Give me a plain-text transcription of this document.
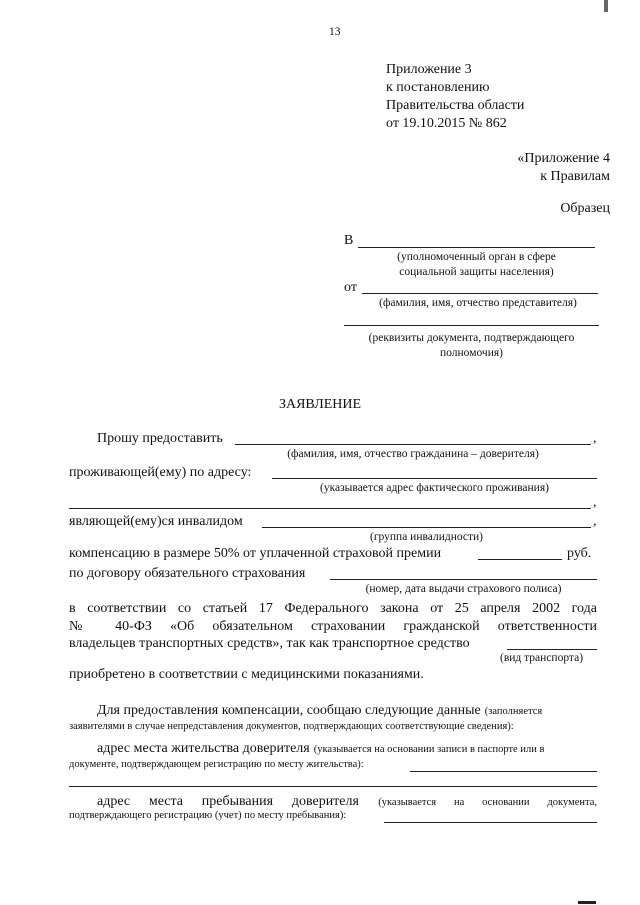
13
Приложение 3
к постановлению
Правительства области
от 19.10.2015 № 862
«Приложение 4
к Правилам
Образец
В
(уполномоченный орган в сфере
социальной защиты населения)
от
(фамилия, имя, отчество представителя)
(реквизиты документа, подтверждающего
полномочия)
ЗАЯВЛЕНИЕ
Прошу предоставить	,
(фамилия, имя, отчество гражданина – доверителя)
проживающей(ему) по адресу:
(указывается адрес фактического проживания)
,
являющей(ему)ся инвалидом	,
(группа инвалидности)
компенсацию в размере 50% от уплаченной страховой премии	руб.
по договору обязательного страхования
(номер, дата выдачи страхового полиса)
в соответствии со статьей 17 Федерального закона от 25 апреля 2002 года
№ 40-ФЗ «Об обязательном страховании гражданской ответственности
владельцев транспортных средств», так как транспортное средство
(вид транспорта)
приобретено в соответствии с медицинскими показаниями.
Для предоставления компенсации, сообщаю следующие данные (заполняется
заявителями в случае непредставления документов, подтверждающих соответствующие сведения):
адрес места жительства доверителя (указывается на основании записи в паспорте или в
документе, подтверждающем регистрацию по месту жительства):
адрес места пребывания доверителя (указывается на основании документа,
подтверждающего регистрацию (учет) по месту пребывания):
